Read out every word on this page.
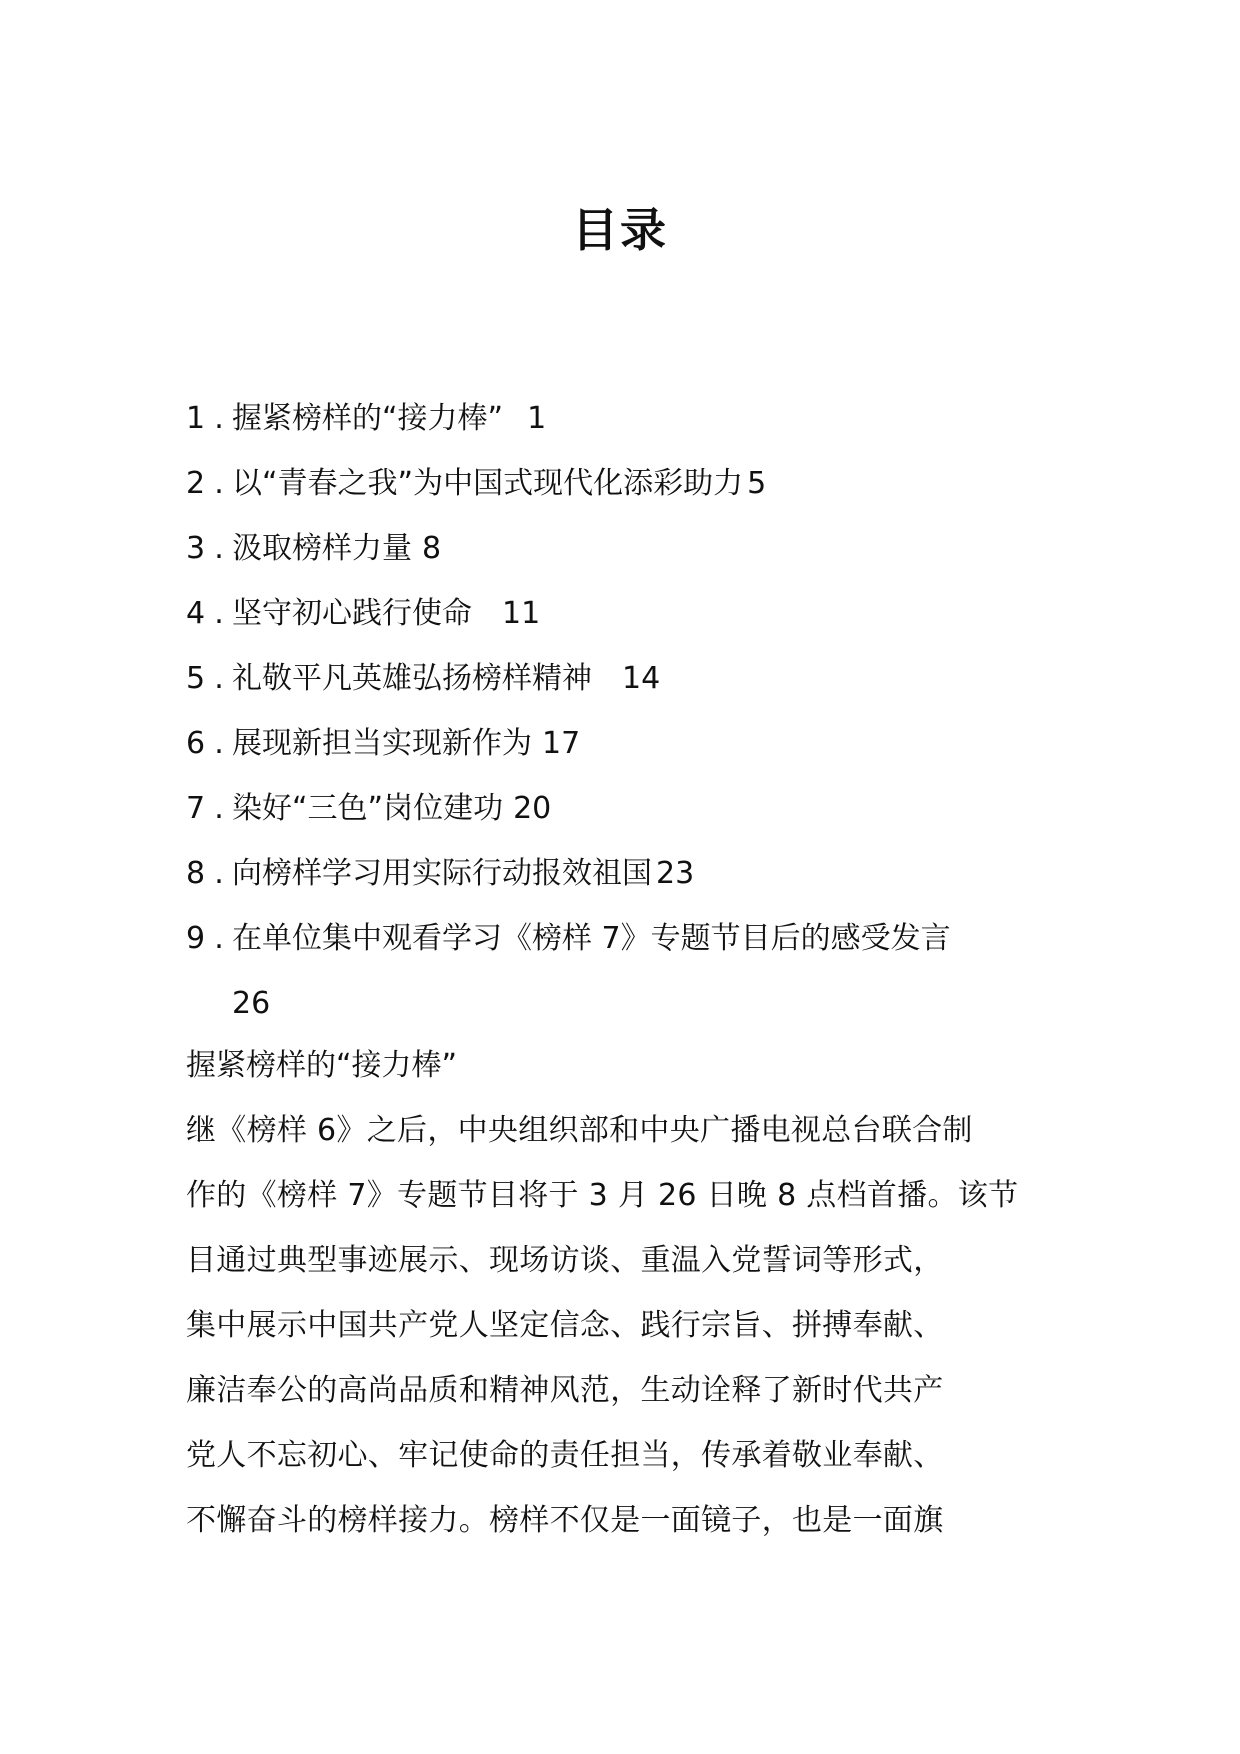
目录
1 . 握紧榜样的“接力棒” 1
2 . 以“青春之我”为中国式现代化添彩助力 5
3 . 汲取榜样力量 8
4 . 坚守初心践行使命 11
5 . 礼敬平凡英雄弘扬榜样精神 14
6 . 展现新担当实现新作为 17
7 . 染好“三色”岗位建功 20
8 . 向榜样学习用实际行动报效祖国 23
9 . 在单位集中观看学习《榜样 7》专题节目后的感受发言
26
握紧榜样的“接力棒”
继《榜样 6》之后，中央组织部和中央广播电视总台联合制
作的《榜样 7》专题节目将于 3 月 26 日晚 8 点档首播。该节
目通过典型事迹展示、现场访谈、重温入党誓词等形式，
集中展示中国共产党人坚定信念、践行宗旨、拼搏奉献、
廉洁奉公的高尚品质和精神风范，生动诠释了新时代共产
党人不忘初心、牢记使命的责任担当，传承着敬业奉献、
不懈奋斗的榜样接力。榜样不仅是一面镜子，也是一面旗
